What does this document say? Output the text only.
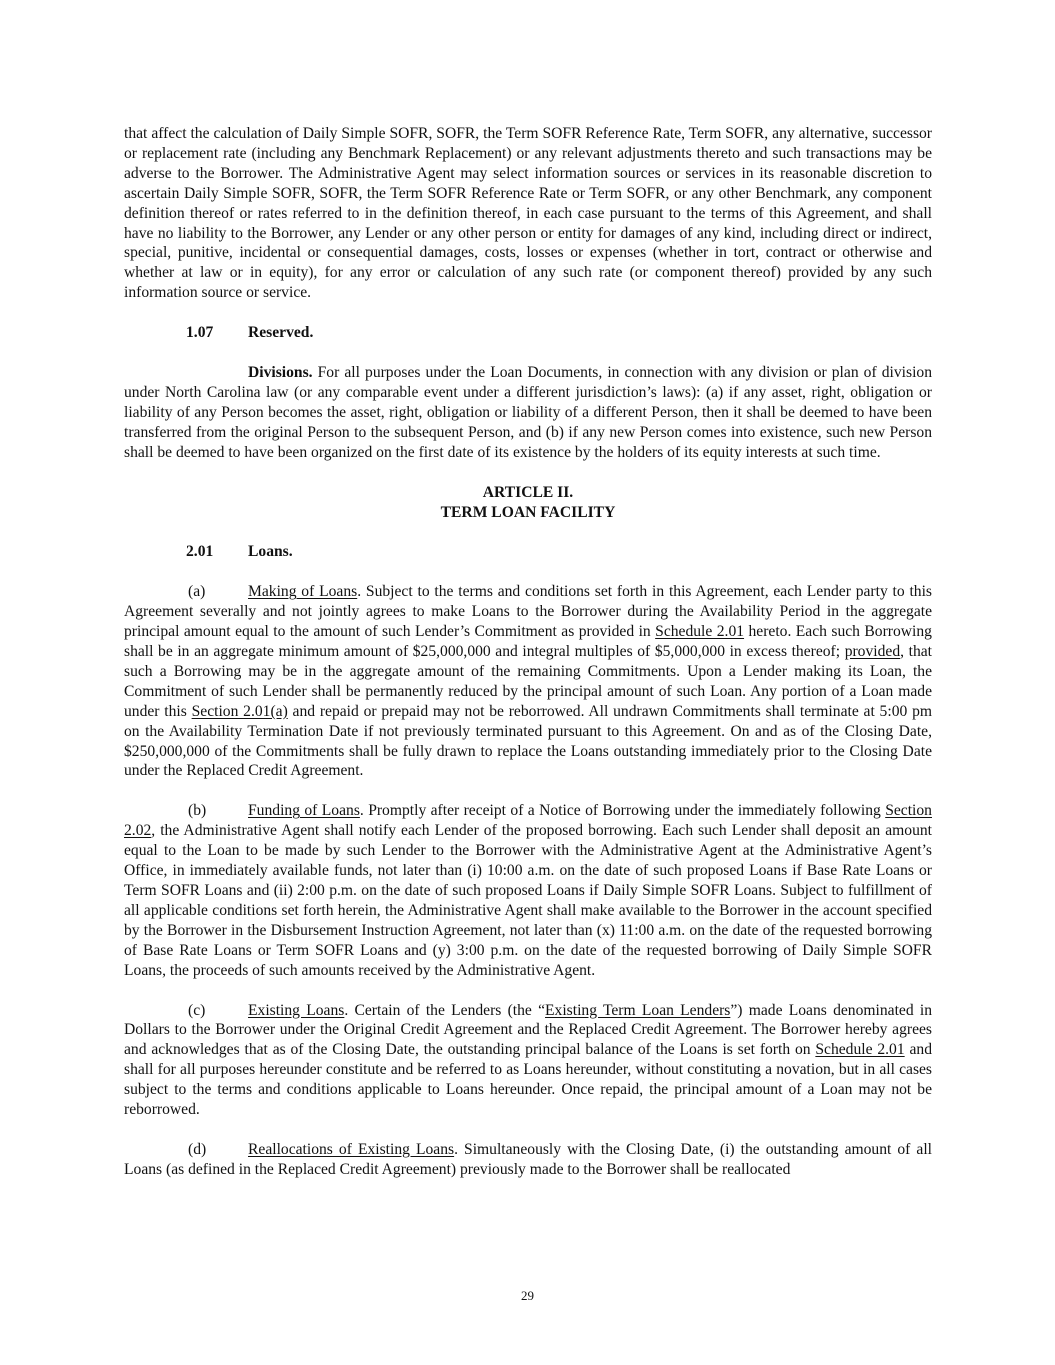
that affect the calculation of Daily Simple SOFR, SOFR, the Term SOFR Reference Rate, Term SOFR, any alternative, successor or replacement rate (including any Benchmark Replacement) or any relevant adjustments thereto and such transactions may be adverse to the Borrower. The Administrative Agent may select information sources or services in its reasonable discretion to ascertain Daily Simple SOFR, SOFR, the Term SOFR Reference Rate or Term SOFR, or any other Benchmark, any component definition thereof or rates referred to in the definition thereof, in each case pursuant to the terms of this Agreement, and shall have no liability to the Borrower, any Lender or any other person or entity for damages of any kind, including direct or indirect, special, punitive, incidental or consequential damages, costs, losses or expenses (whether in tort, contract or otherwise and whether at law or in equity), for any error or calculation of any such rate (or component thereof) provided by any such information source or service.

1.07	Reserved.

Divisions. For all purposes under the Loan Documents, in connection with any division or plan of division under North Carolina law (or any comparable event under a different jurisdiction’s laws): (a) if any asset, right, obligation or liability of any Person becomes the asset, right, obligation or liability of a different Person, then it shall be deemed to have been transferred from the original Person to the subsequent Person, and (b) if any new Person comes into existence, such new Person shall be deemed to have been organized on the first date of its existence by the holders of its equity interests at such time.

ARTICLE II.
TERM LOAN FACILITY
2.01	Loans.

(a)	Making of Loans. Subject to the terms and conditions set forth in this Agreement, each Lender party to this Agreement severally and not jointly agrees to make Loans to the Borrower during the Availability Period in the aggregate principal amount equal to the amount of such Lender’s Commitment as provided in Schedule 2.01 hereto. Each such Borrowing shall be in an aggregate minimum amount of $25,000,000 and integral multiples of $5,000,000 in excess thereof; provided, that such a Borrowing may be in the aggregate amount of the remaining Commitments. Upon a Lender making its Loan, the Commitment of such Lender shall be permanently reduced by the principal amount of such Loan. Any portion of a Loan made under this Section 2.01(a) and repaid or prepaid may not be reborrowed. All undrawn Commitments shall terminate at 5:00 pm on the Availability Termination Date if not previously terminated pursuant to this Agreement. On and as of the Closing Date, $250,000,000 of the Commitments shall be fully drawn to replace the Loans outstanding immediately prior to the Closing Date under the Replaced Credit Agreement.

(b)	Funding of Loans. Promptly after receipt of a Notice of Borrowing under the immediately following Section 2.02, the Administrative Agent shall notify each Lender of the proposed borrowing. Each such Lender shall deposit an amount equal to the Loan to be made by such Lender to the Borrower with the Administrative Agent at the Administrative Agent’s Office, in immediately available funds, not later than (i) 10:00 a.m. on the date of such proposed Loans if Base Rate Loans or Term SOFR Loans and (ii) 2:00 p.m. on the date of such proposed Loans if Daily Simple SOFR Loans. Subject to fulfillment of all applicable conditions set forth herein, the Administrative Agent shall make available to the Borrower in the account specified by the Borrower in the Disbursement Instruction Agreement, not later than (x) 11:00 a.m. on the date of the requested borrowing of Base Rate Loans or Term SOFR Loans and (y) 3:00 p.m. on the date of the requested borrowing of Daily Simple SOFR Loans, the proceeds of such amounts received by the Administrative Agent.

(c)	Existing Loans. Certain of the Lenders (the “Existing Term Loan Lenders”) made Loans denominated in Dollars to the Borrower under the Original Credit Agreement and the Replaced Credit Agreement. The Borrower hereby agrees and acknowledges that as of the Closing Date, the outstanding principal balance of the Loans is set forth on Schedule 2.01 and shall for all purposes hereunder constitute and be referred to as Loans hereunder, without constituting a novation, but in all cases subject to the terms and conditions applicable to Loans hereunder. Once repaid, the principal amount of a Loan may not be reborrowed.

(d)	Reallocations of Existing Loans. Simultaneously with the Closing Date, (i) the outstanding amount of all Loans (as defined in the Replaced Credit Agreement) previously made to the Borrower shall be reallocated

29
